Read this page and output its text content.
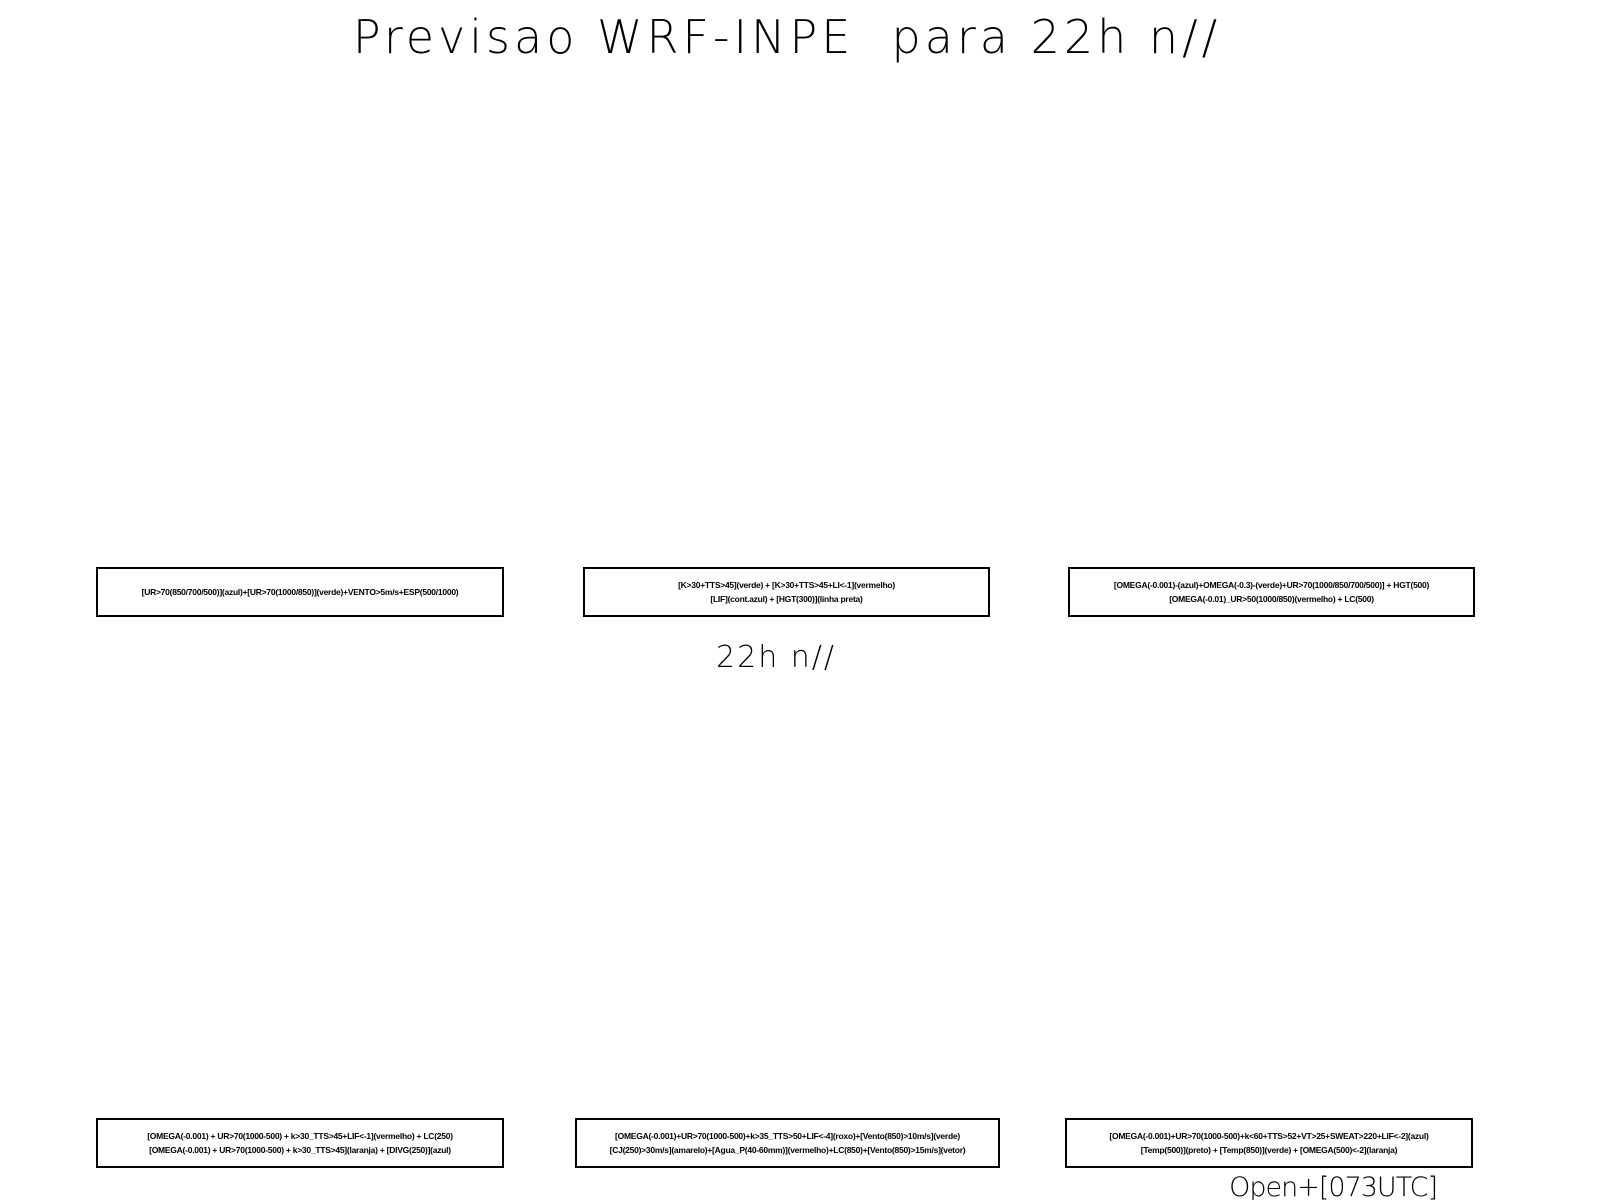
Previsao WRF-INPE  para 22h n//
[UR>70(850/700/500)](azul)+[UR>70(1000/850)](verde)+VENTO>5m/s+ESP(500/1000)
[K>30+TTS>45](verde) + [K>30+TTS>45+LI<-1](vermelho)
[LIF](cont.azul) + [HGT(300)](linha preta)
[OMEGA(-0.001)-(azul)+OMEGA(-0.3)-(verde)+UR>70(1000/850/700/500)] + HGT(500)
[OMEGA(-0.01)_UR>50(1000/850)(vermelho) + LC(500)
22h n//
[OMEGA(-0.001) + UR>70(1000-500) + k>30_TTS>45+LIF<-1](vermelho) + LC(250)
[OMEGA(-0.001) + UR>70(1000-500) + k>30_TTS>45](laranja) + [DIVG(250)](azul)
[OMEGA(-0.001)+UR>70(1000-500)+k>35_TTS>50+LIF<-4](roxo)+[Vento(850)>10m/s](verde)
[CJ(250)>30m/s](amarelo)+[Agua_P(40-60mm)](vermelho)+LC(850)+[Vento(850)>15m/s](vetor)
[OMEGA(-0.001)+UR>70(1000-500)+k<60+TTS>52+VT>25+SWEAT>220+LIF<-2](azul)
[Temp(500)](preto) + [Temp(850)](verde) + [OMEGA(500)<-2](laranja)
Open+[073UTC]
